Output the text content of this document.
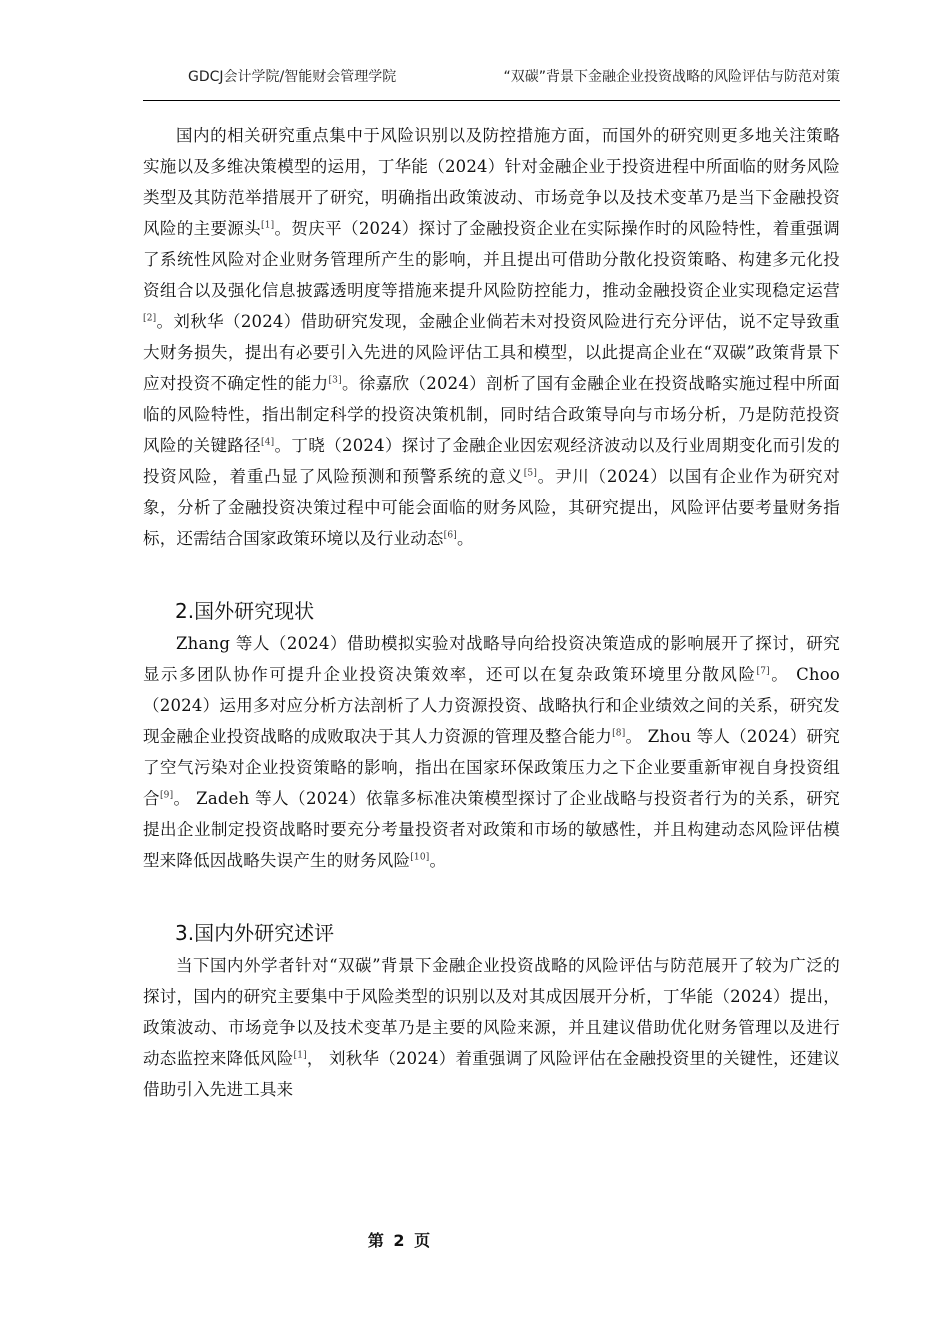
GDCJ会计学院/智能财会管理学院	“双碳”背景下金融企业投资战略的风险评估与防范对策

国内的相关研究重点集中于风险识别以及防控措施方面，而国外的研究则更多地关注策略实施以及多维决策模型的运用，丁华能（2024）针对金融企业于投资进程中所面临的财务风险类型及其防范举措展开了研究，明确指出政策波动、市场竞争以及技术变革乃是当下金融投资风险的主要源头[1]。贺庆平（2024）探讨了金融投资企业在实际操作时的风险特性，着重强调了系统性风险对企业财务管理所产生的影响，并且提出可借助分散化投资策略、构建多元化投资组合以及强化信息披露透明度等措施来提升风险防控能力，推动金融投资企业实现稳定运营[2]。刘秋华（2024）借助研究发现，金融企业倘若未对投资风险进行充分评估，说不定导致重大财务损失，提出有必要引入先进的风险评估工具和模型，以此提高企业在“双碳”政策背景下应对投资不确定性的能力[3]。徐嘉欣（2024）剖析了国有金融企业在投资战略实施过程中所面临的风险特性，指出制定科学的投资决策机制，同时结合政策导向与市场分析，乃是防范投资风险的关键路径[4]。丁晓（2024）探讨了金融企业因宏观经济波动以及行业周期变化而引发的投资风险，着重凸显了风险预测和预警系统的意义[5]。尹川（2024）以国有企业作为研究对象，分析了金融投资决策过程中可能会面临的财务风险，其研究提出，风险评估要考量财务指标，还需结合国家政策环境以及行业动态[6]。

2.国外研究现状

Zhang 等人（2024）借助模拟实验对战略导向给投资决策造成的影响展开了探讨，研究显示多团队协作可提升企业投资决策效率，还可以在复杂政策环境里分散风险[7]。 Choo （2024）运用多对应分析方法剖析了人力资源投资、战略执行和企业绩效之间的关系，研究发现金融企业投资战略的成败取决于其人力资源的管理及整合能力[8]。 Zhou 等人（2024）研究了空气污染对企业投资策略的影响，指出在国家环保政策压力之下企业要重新审视自身投资组合[9]。 Zadeh 等人（2024）依靠多标准决策模型探讨了企业战略与投资者行为的关系，研究提出企业制定投资战略时要充分考量投资者对政策和市场的敏感性，并且构建动态风险评估模型来降低因战略失误产生的财务风险[10]。

3.国内外研究述评

当下国内外学者针对“双碳”背景下金融企业投资战略的风险评估与防范展开了较为广泛的探讨，国内的研究主要集中于风险类型的识别以及对其成因展开分析，丁华能（2024）提出，政策波动、市场竞争以及技术变革乃是主要的风险来源，并且建议借助优化财务管理以及进行动态监控来降低风险[1]， 刘秋华（2024）着重强调了风险评估在金融投资里的关键性，还建议借助引入先进工具来

第 2 页
